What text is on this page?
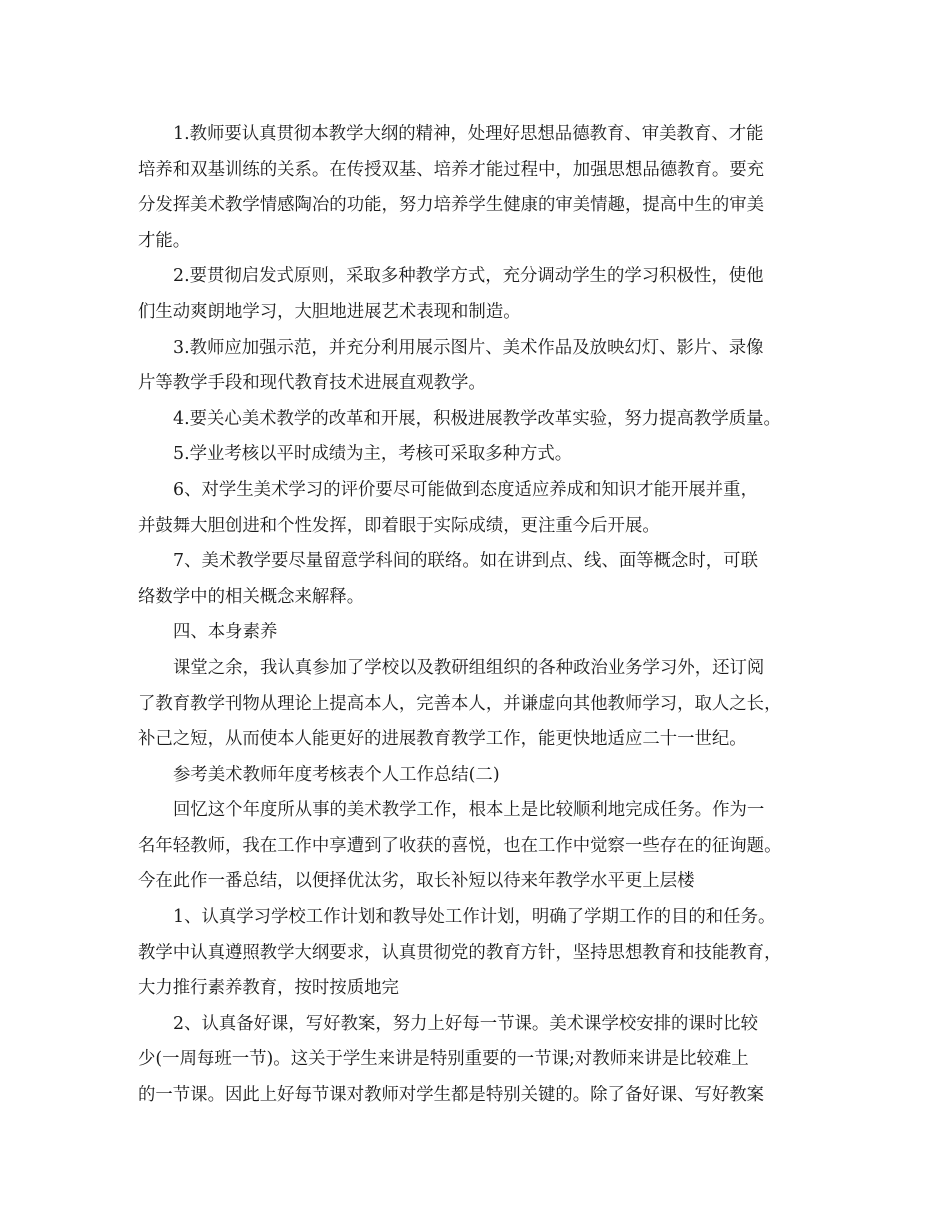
1.教师要认真贯彻本教学大纲的精神，处理好思想品德教育、审美教育、才能
培养和双基训练的关系。在传授双基、培养才能过程中，加强思想品德教育。要充
分发挥美术教学情感陶冶的功能，努力培养学生健康的审美情趣，提高中生的审美
才能。
2.要贯彻启发式原则，采取多种教学方式，充分调动学生的学习积极性，使他
们生动爽朗地学习，大胆地进展艺术表现和制造。
3.教师应加强示范，并充分利用展示图片、美术作品及放映幻灯、影片、录像
片等教学手段和现代教育技术进展直观教学。
4.要关心美术教学的改革和开展，积极进展教学改革实验，努力提高教学质量。
5.学业考核以平时成绩为主，考核可采取多种方式。
6、对学生美术学习的评价要尽可能做到态度适应养成和知识才能开展并重，
并鼓舞大胆创进和个性发挥，即着眼于实际成绩，更注重今后开展。
7、美术教学要尽量留意学科间的联络。如在讲到点、线、面等概念时，可联
络数学中的相关概念来解释。
四、本身素养
课堂之余，我认真参加了学校以及教研组组织的各种政治业务学习外，还订阅
了教育教学刊物从理论上提高本人，完善本人，并谦虚向其他教师学习，取人之长，
补己之短，从而使本人能更好的进展教育教学工作，能更快地适应二十一世纪。
参考美术教师年度考核表个人工作总结(二)
回忆这个年度所从事的美术教学工作，根本上是比较顺利地完成任务。作为一
名年轻教师，我在工作中享遭到了收获的喜悦，也在工作中觉察一些存在的征询题。
今在此作一番总结，以便择优汰劣，取长补短以待来年教学水平更上层楼
1、认真学习学校工作计划和教导处工作计划，明确了学期工作的目的和任务。
教学中认真遵照教学大纲要求，认真贯彻党的教育方针，坚持思想教育和技能教育，
大力推行素养教育，按时按质地完
2、认真备好课，写好教案，努力上好每一节课。美术课学校安排的课时比较
少(一周每班一节)。这关于学生来讲是特别重要的一节课;对教师来讲是比较难上
的一节课。因此上好每节课对教师对学生都是特别关键的。除了备好课、写好教案
